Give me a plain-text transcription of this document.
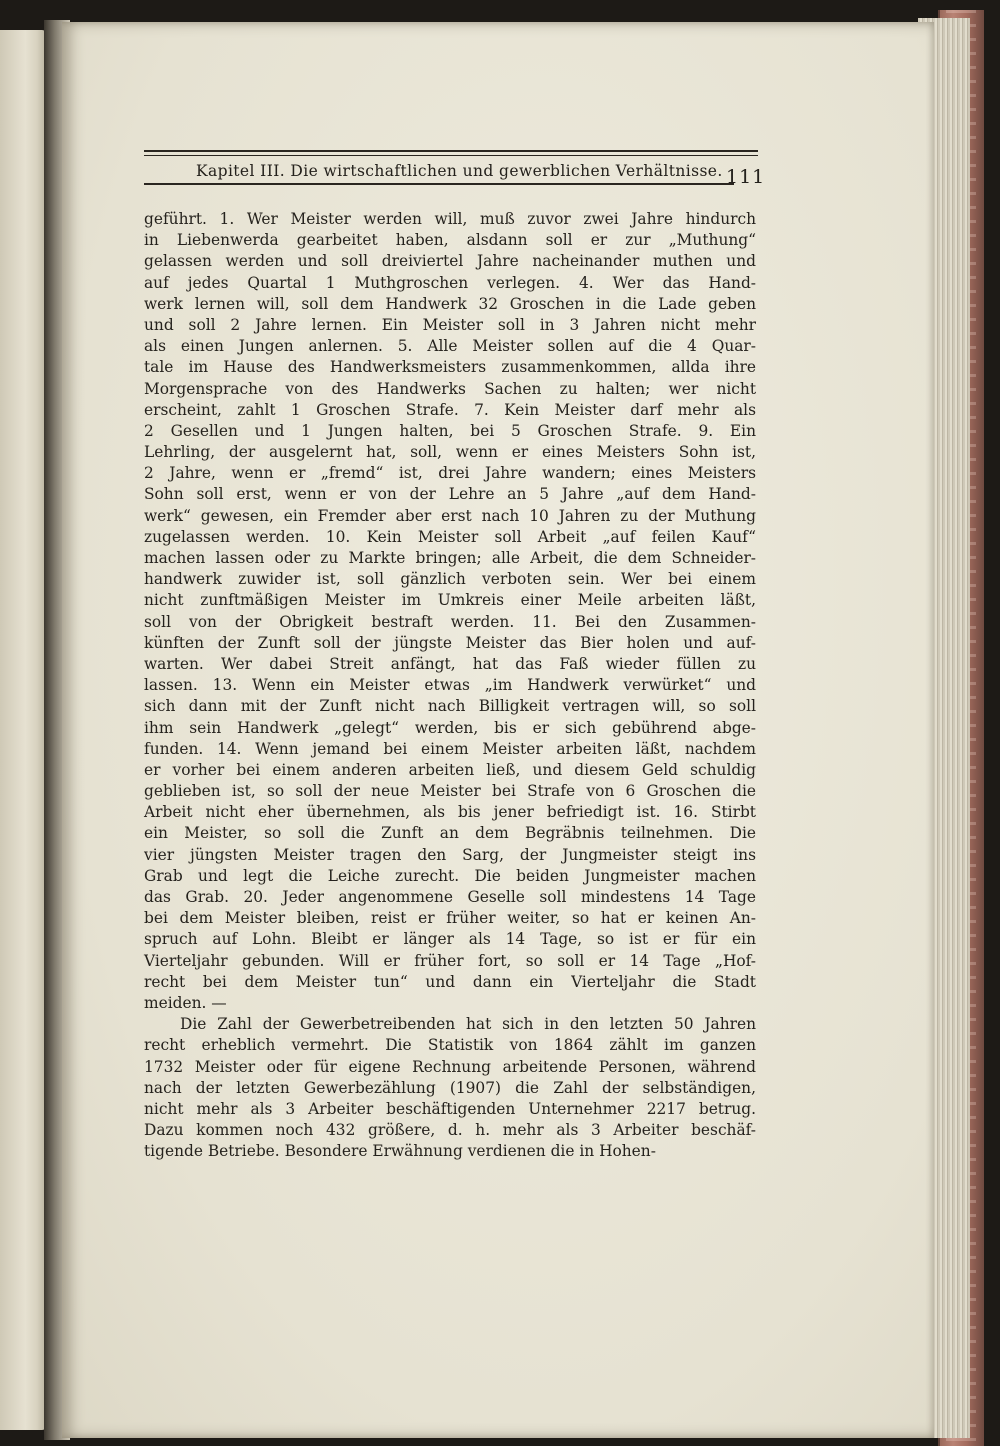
Kapitel III. Die wirtschaftlichen und gewerblichen Verhältnisse. 111
geführt. 1. Wer Meister werden will, muß zuvor zwei Jahre hindurch
in Liebenwerda gearbeitet haben, alsdann soll er zur „Muthung“
gelassen werden und soll dreiviertel Jahre nacheinander muthen und
auf jedes Quartal 1 Muthgroschen verlegen. 4. Wer das Hand-
werk lernen will, soll dem Handwerk 32 Groschen in die Lade geben
und soll 2 Jahre lernen. Ein Meister soll in 3 Jahren nicht mehr
als einen Jungen anlernen. 5. Alle Meister sollen auf die 4 Quar-
tale im Hause des Handwerksmeisters zusammenkommen, allda ihre
Morgensprache von des Handwerks Sachen zu halten; wer nicht
erscheint, zahlt 1 Groschen Strafe. 7. Kein Meister darf mehr als
2 Gesellen und 1 Jungen halten, bei 5 Groschen Strafe. 9. Ein
Lehrling, der ausgelernt hat, soll, wenn er eines Meisters Sohn ist,
2 Jahre, wenn er „fremd“ ist, drei Jahre wandern; eines Meisters
Sohn soll erst, wenn er von der Lehre an 5 Jahre „auf dem Hand-
werk“ gewesen, ein Fremder aber erst nach 10 Jahren zu der Muthung
zugelassen werden. 10. Kein Meister soll Arbeit „auf feilen Kauf“
machen lassen oder zu Markte bringen; alle Arbeit, die dem Schneider-
handwerk zuwider ist, soll gänzlich verboten sein. Wer bei einem
nicht zunftmäßigen Meister im Umkreis einer Meile arbeiten läßt,
soll von der Obrigkeit bestraft werden. 11. Bei den Zusammen-
künften der Zunft soll der jüngste Meister das Bier holen und auf-
warten. Wer dabei Streit anfängt, hat das Faß wieder füllen zu
lassen. 13. Wenn ein Meister etwas „im Handwerk verwürket“ und
sich dann mit der Zunft nicht nach Billigkeit vertragen will, so soll
ihm sein Handwerk „gelegt“ werden, bis er sich gebührend abge-
funden. 14. Wenn jemand bei einem Meister arbeiten läßt, nachdem
er vorher bei einem anderen arbeiten ließ, und diesem Geld schuldig
geblieben ist, so soll der neue Meister bei Strafe von 6 Groschen die
Arbeit nicht eher übernehmen, als bis jener befriedigt ist. 16. Stirbt
ein Meister, so soll die Zunft an dem Begräbnis teilnehmen. Die
vier jüngsten Meister tragen den Sarg, der Jungmeister steigt ins
Grab und legt die Leiche zurecht. Die beiden Jungmeister machen
das Grab. 20. Jeder angenommene Geselle soll mindestens 14 Tage
bei dem Meister bleiben, reist er früher weiter, so hat er keinen An-
spruch auf Lohn. Bleibt er länger als 14 Tage, so ist er für ein
Vierteljahr gebunden. Will er früher fort, so soll er 14 Tage „Hof-
recht bei dem Meister tun“ und dann ein Vierteljahr die Stadt
meiden. —
Die Zahl der Gewerbetreibenden hat sich in den letzten 50 Jahren
recht erheblich vermehrt. Die Statistik von 1864 zählt im ganzen
1732 Meister oder für eigene Rechnung arbeitende Personen, während
nach der letzten Gewerbezählung (1907) die Zahl der selbständigen,
nicht mehr als 3 Arbeiter beschäftigenden Unternehmer 2217 betrug.
Dazu kommen noch 432 größere, d. h. mehr als 3 Arbeiter beschäf-
tigende Betriebe. Besondere Erwähnung verdienen die in Hohen-
